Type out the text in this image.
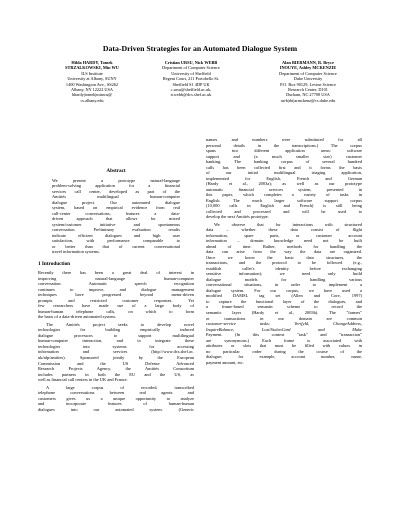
Data-Driven Strategies for an Automated Dialogue System
Hilda HARDY, Tomek
STRZALKOWSKI, Min WU
ILS Institute
University at Albany, SUNY
1400 Washington Ave., SS262
Albany, NY 12222 USA
hhardy|tomek|minwu@
cs.albany.edu
Cristian URSU, Nick WEBB
Department of Computer Science
University of Sheffield
Regent Court, 211 Portobello St.
Sheffield S1 4DP UK
c.ursu@sheffield.ac.uk,
n.webb@dcs.shef.ac.uk
Alan BIERMANN, R. Bryce
INOUYE, Ashley MCKENZIE
Department of Computer Science
Duke University
P.O. Box 90129, Levine Science
Research Center, D101
Durham, NC 27708 USA
awb|rbi|armckenz@cs.duke.edu
Abstract
We present a prototype natural-language
problem-solving application for a financial
services call center, developed as part of the
Amitiés multilingual human-computer
dialogue project. Our automated dialogue
system, based on empirical evidence from real
call-center conversations, features a data-
driven approach that allows for mixed
system/customer initiative and spontaneous
conversation. Preliminary evaluation results
indicate efficient dialogues and high user
satisfaction, with performance comparable to
or better than that of current conversational
travel information systems.
1 Introduction
Recently there has been a great deal of interest in
improving natural-language human-computer
conversation. Automatic speech recognition
continues to improve, and dialogue management
techniques have progressed beyond menu-driven
prompts and restricted customer responses. Yet
few researchers have made use of a large body of
human-human telephone calls, on which to form
the basis of a data-driven automated system.
The Amitiés project seeks to develop novel
technologies for building empirically induced
dialogue processors to support multilingual
human-computer interaction, and to integrate these
technologies into systems for accessing
information and services (http://www.dcs.shef.ac.
uk/nlp/amities). Sponsored jointly by the European
Commission and the US Defense Advanced
Research Projects Agency, the Amitiés Consortium
includes partners in both the EU and the US, as
well as financial call centers in the UK and France.
A large corpus of recorded, transcribed
telephone conversations between real agents and
customers gives us a unique opportunity to analyze
and incorporate features of human-human
dialogues into our automated system. (Generic
names and numbers were substituted for all
personal details in the transcriptions.) The corpus
spans two different application areas: software
support and (a much smaller size) customer
banking. The banking corpus of several hundred
calls has been collected first and it forms the basis
of our initial multilingual triaging application,
implemented for English, French and German
(Hardy et al., 2003a); as well as our prototype
automatic financial services system, presented in
this paper, which completes a variety of tasks in
English. The much larger software support corpus
(10,000 calls in English and French) is still being
collected and processed and will be used to
develop the next Amitiés prototype.
We observe that for interactions with structured
data – whether these data consist of flight
information, spare parts, or customer account
information – domain knowledge need not be built
ahead of time. Rather, methods for handling the
data can arise from the way the data are organized.
Once we know the basic data structures, the
transactions, and the protocol to be followed (e.g.,
establish caller's identity before exchanging
sensitive information); we need only build
dialogue models for handling various
conversational situations, in order to implement a
dialogue system. For our corpus, we have used a
modified DAMSL tag set (Allen and Core, 1997)
to capture the functional layer of the dialogues, and
a frame-based semantic scheme to record the
semantic layer (Hardy et al., 2003b). The "frames"
or transactions in our domain are common
customer-service tasks: VerifyId, ChangeAddress,
InquireBalance, Lost/StolenCard and Make
Payment. (In this context "task" and "transaction"
are synonymous.) Each frame is associated with
attributes or slots that must be filled with values in
no particular order during the course of the
dialogue; for example, account number, name,
payment amount, etc.
